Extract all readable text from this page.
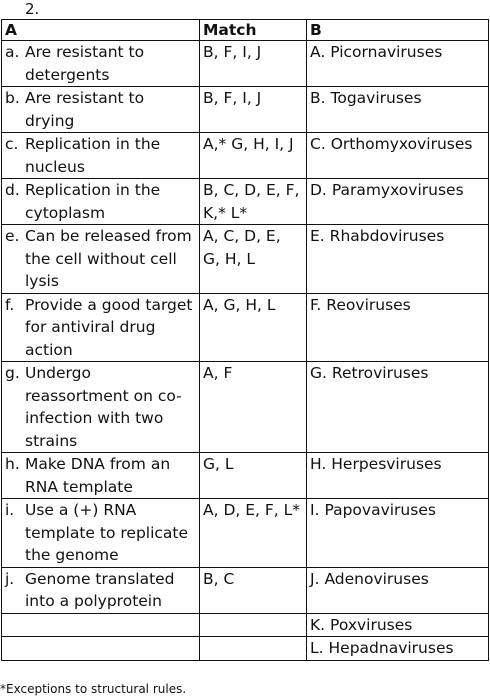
2.
A	Match	B

a. Are resistant to detergents	B, F, I, J	A. Picornaviruses

b. Are resistant to drying	B, F, I, J	B. Togaviruses

c. Replication in the nucleus	A,* G, H, I, J	C. Orthomyxoviruses

d. Replication in the cytoplasm	B, C, D, E, F, K,* L*	D. Paramyxoviruses

e. Can be released from the cell without cell lysis	A, C, D, E, G, H, L	E. Rhabdoviruses

f. Provide a good target for antiviral drug action	A, G, H, L	F. Reoviruses

g. Undergo reassortment on co-infection with two strains	A, F	G. Retroviruses

h. Make DNA from an RNA template	G, L	H. Herpesviruses

i. Use a (+) RNA template to replicate the genome	A, D, E, F, L*	I. Papovaviruses

j. Genome translated into a polyprotein	B, C	J. Adenoviruses

		K. Poxviruses

		L. Hepadnaviruses
*Exceptions to structural rules.
